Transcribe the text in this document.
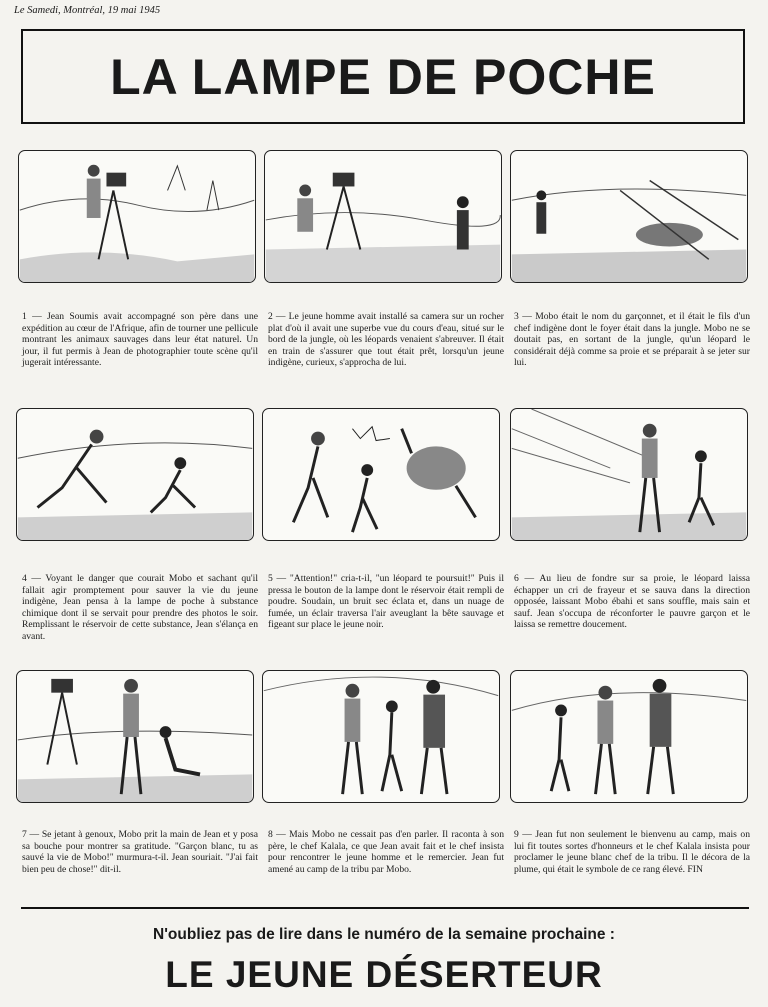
Le Samedi, Montréal, 19 mai 1945
LA LAMPE DE POCHE
1 — Jean Soumis avait accompagné son père dans une expédition au cœur de l'Afrique, afin de tourner une pellicule montrant les animaux sauvages dans leur état naturel. Un jour, il fut permis à Jean de photographier toute scène qu'il jugerait intéressante.
2 — Le jeune homme avait installé sa camera sur un rocher plat d'où il avait une superbe vue du cours d'eau, situé sur le bord de la jungle, où les léopards venaient s'abreuver. Il était en train de s'assurer que tout était prêt, lorsqu'un jeune indigène, curieux, s'approcha de lui.
3 — Mobo était le nom du garçonnet, et il était le fils d'un chef indigène dont le foyer était dans la jungle. Mobo ne se doutait pas, en sortant de la jungle, qu'un léopard le considérait déjà comme sa proie et se préparait à se jeter sur lui.
4 — Voyant le danger que courait Mobo et sachant qu'il fallait agir promptement pour sauver la vie du jeune indigène, Jean pensa à la lampe de poche à substance chimique dont il se servait pour prendre des photos le soir. Remplissant le réservoir de cette substance, Jean s'élança en avant.
5 — "Attention!" cria-t-il, "un léopard te poursuit!" Puis il pressa le bouton de la lampe dont le réservoir était rempli de poudre. Soudain, un bruit sec éclata et, dans un nuage de fumée, un éclair traversa l'air aveuglant la bête sauvage et figeant sur place le jeune noir.
6 — Au lieu de fondre sur sa proie, le léopard laissa échapper un cri de frayeur et se sauva dans la direction opposée, laissant Mobo ébahi et sans souffle, mais sain et sauf. Jean s'occupa de réconforter le pauvre garçon et le laissa se remettre doucement.
7 — Se jetant à genoux, Mobo prit la main de Jean et y posa sa bouche pour montrer sa gratitude. "Garçon blanc, tu as sauvé la vie de Mobo!" murmura-t-il. Jean souriait. "J'ai fait bien peu de chose!" dit-il.
8 — Mais Mobo ne cessait pas d'en parler. Il raconta à son père, le chef Kalala, ce que Jean avait fait et le chef insista pour rencontrer le jeune homme et le remercier. Jean fut amené au camp de la tribu par Mobo.
9 — Jean fut non seulement le bienvenu au camp, mais on lui fit toutes sortes d'honneurs et le chef Kalala insista pour proclamer le jeune blanc chef de la tribu. Il le décora de la plume, qui était le symbole de ce rang élevé. FIN
N'oubliez pas de lire dans le numéro de la semaine prochaine :
LE JEUNE DÉSERTEUR
